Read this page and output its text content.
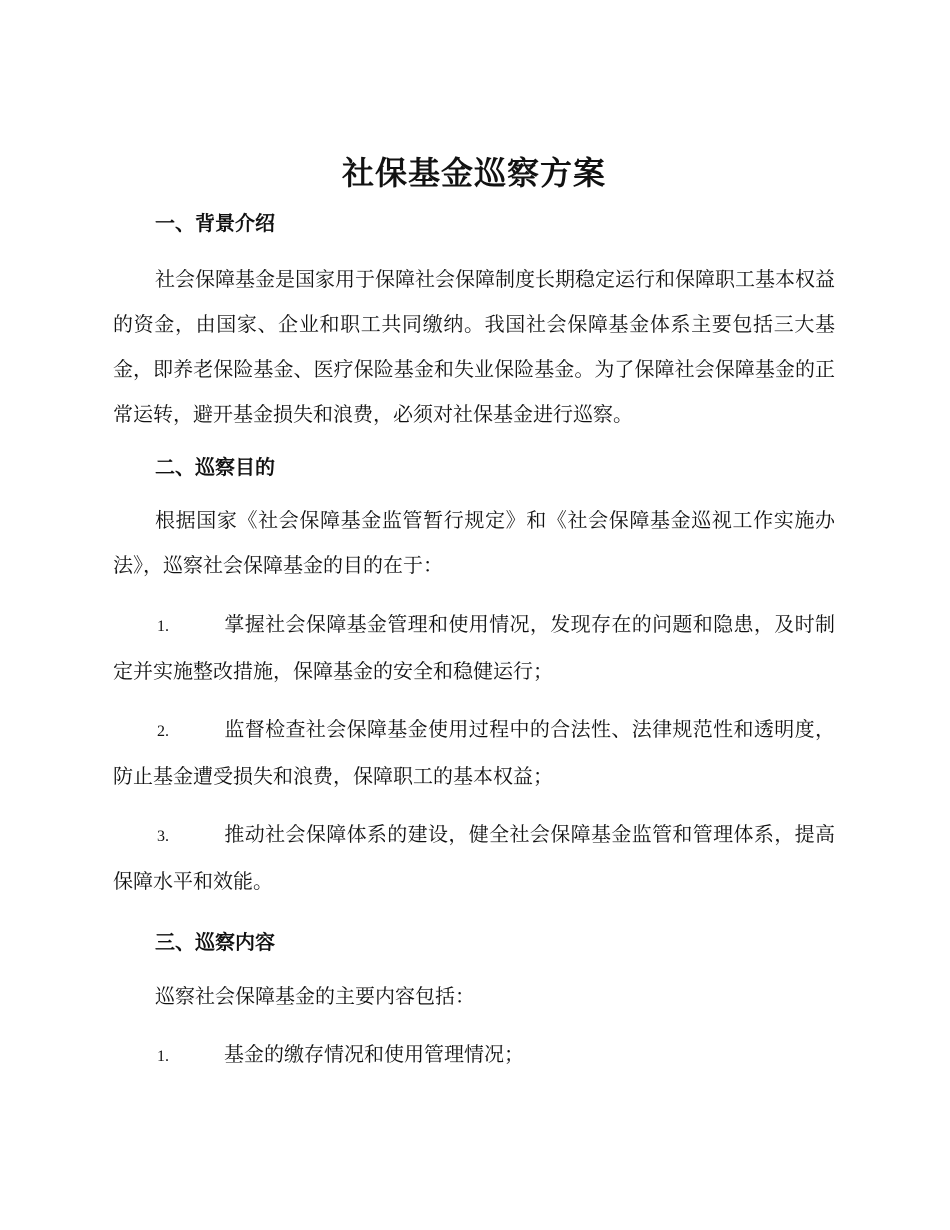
社保基金巡察方案
一、背景介绍

社会保障基金是国家用于保障社会保障制度长期稳定运行和保障职工基本权益的资金，由国家、企业和职工共同缴纳。我国社会保障基金体系主要包括三大基金，即养老保险基金、医疗保险基金和失业保险基金。为了保障社会保障基金的正常运转，避开基金损失和浪费，必须对社保基金进行巡察。

二、巡察目的

根据国家《社会保障基金监管暂行规定》和《社会保障基金巡视工作实施办法》，巡察社会保障基金的目的在于：

1.	掌握社会保障基金管理和使用情况，发现存在的问题和隐患，及时制定并实施整改措施，保障基金的安全和稳健运行；

2.	监督检查社会保障基金使用过程中的合法性、法律规范性和透明度，防止基金遭受损失和浪费，保障职工的基本权益；

3.	推动社会保障体系的建设，健全社会保障基金监管和管理体系，提高保障水平和效能。

三、巡察内容

巡察社会保障基金的主要内容包括：

1.	基金的缴存情况和使用管理情况；
